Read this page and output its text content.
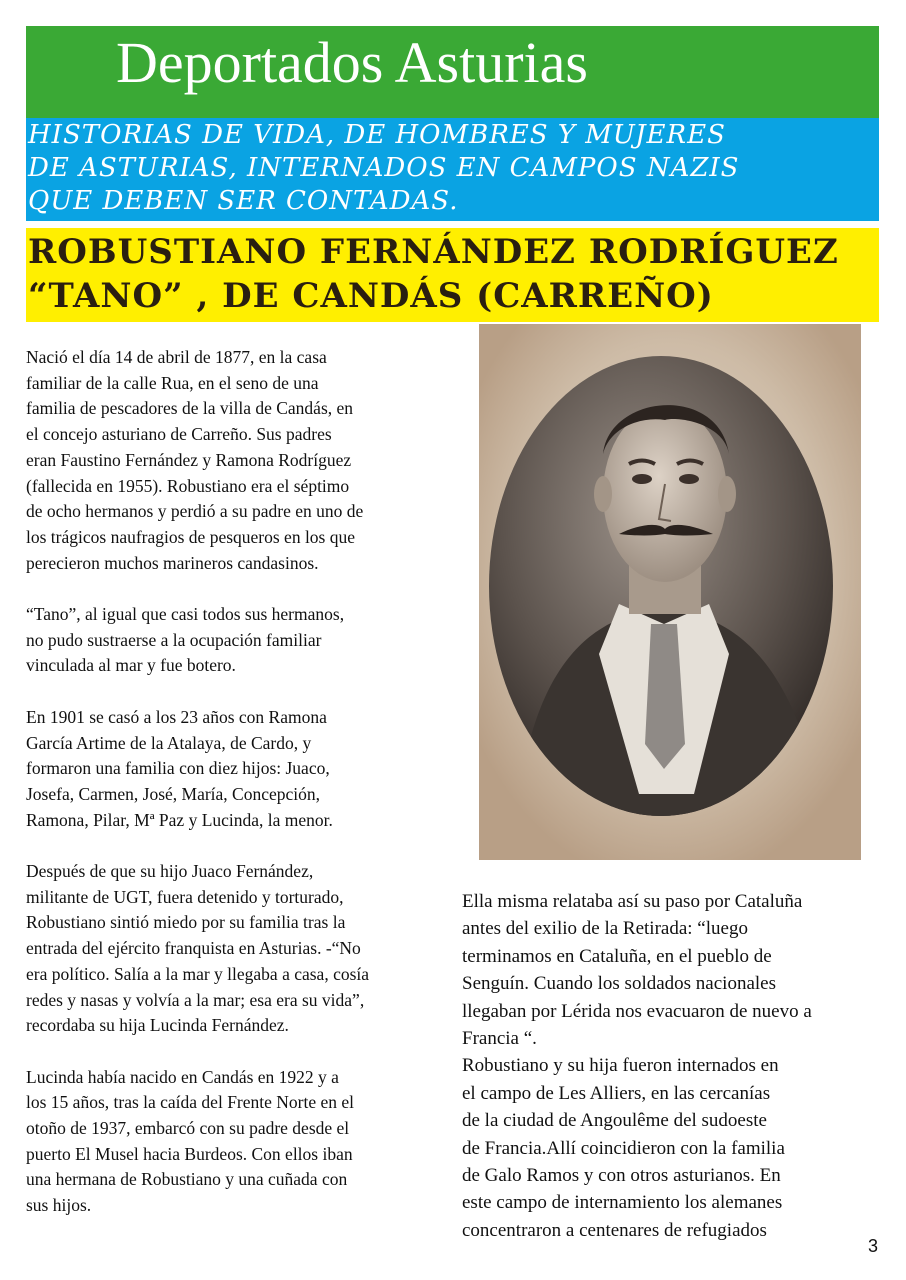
Deportados Asturias
HISTORIAS DE VIDA, DE HOMBRES Y MUJERES
DE ASTURIAS, INTERNADOS EN CAMPOS NAZIS
QUE DEBEN SER CONTADAS.
ROBUSTIANO FERNÁNDEZ RODRÍGUEZ
“TANO” , DE CANDÁS (CARREÑO)

Nació el día 14 de abril de 1877, en la casa
familiar de la calle Rua, en el seno de una
familia de pescadores de la villa de Candás, en
el concejo asturiano de Carreño. Sus padres
eran Faustino Fernández y Ramona Rodríguez
(fallecida en 1955). Robustiano era el séptimo
de ocho hermanos y perdió a su padre en uno de
los trágicos naufragios de pesqueros en los que
perecieron muchos marineros candasinos.

“Tano”, al igual que casi todos sus hermanos,
no pudo sustraerse a la ocupación familiar
vinculada al mar y fue botero.

En 1901 se casó a los 23 años con Ramona
García Artime de la Atalaya, de Cardo, y
formaron una familia con diez hijos: Juaco,
Josefa, Carmen, José, María, Concepción,
Ramona, Pilar, Mª Paz y Lucinda, la menor.

Después de que su hijo Juaco Fernández,
militante de UGT, fuera detenido y torturado,
Robustiano sintió miedo por su familia tras la
entrada del ejército franquista en Asturias. -“No
era político. Salía a la mar y llegaba a casa, cosía
redes y nasas y volvía a la mar; esa era su vida”,
recordaba su hija Lucinda Fernández.

Lucinda había nacido en Candás en 1922 y a
los 15 años, tras la caída del Frente Norte en el
otoño de 1937, embarcó con su padre desde el
puerto El Musel hacia Burdeos. Con ellos iban
una hermana de Robustiano y una cuñada con
sus hijos.

Ella misma relataba así su paso por Cataluña
antes del exilio de la Retirada: “luego
terminamos en Cataluña, en el pueblo de
Senguín. Cuando los soldados nacionales
llegaban por Lérida nos evacuaron de nuevo a
Francia “.
Robustiano y su hija fueron internados en
el campo de Les Alliers, en las cercanías
de la ciudad de Angoulême del sudoeste
de Francia.Allí coincidieron con la familia
de Galo Ramos y con otros asturianos. En
este campo de internamiento los alemanes
concentraron a centenares de refugiados
3
